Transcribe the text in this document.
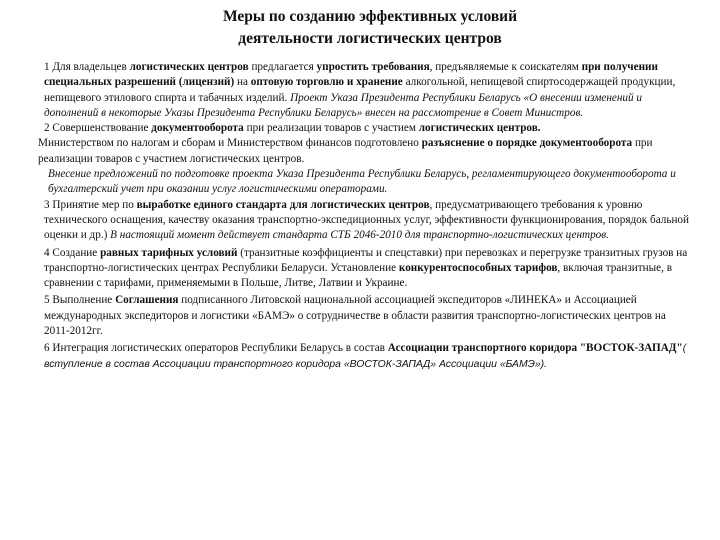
Меры по созданию эффективных условий
деятельности логистических центров

1 Для владельцев логистических центров предлагается упростить требования, предъявляемые к соискателям при получении специальных разрешений (лицензий) на оптовую торговлю и хранение алкогольной, непищевой спиртосодержащей продукции, непищевого этилового спирта и табачных изделий. Проект Указа Президента Республики Беларусь «О внесении изменений и дополнений в некоторые Указы Президента Республики Беларусь» внесен на рассмотрение в Совет Министров.

2 Совершенствование документооборота при реализации товаров с участием логистических центров.

Министерством по налогам и сборам и Министерством финансов подготовлено разъяснение о порядке документооборота при реализации товаров с участием логистических центров.

Внесение предложений по подготовке проекта Указа Президента Республики Беларусь, регламентирующего документооборота и бухгалтерский учет при оказании услуг логистическими операторами.

3 Принятие мер по выработке единого стандарта для логистических центров, предусматривающего требования к уровню технического оснащения, качеству оказания транспортно-экспедиционных услуг, эффективности функционирования, порядок бальной оценки и др.) В настоящий момент действует стандарта СТБ 2046-2010 для транспортно-логистических центров.

4 Создание равных тарифных условий (транзитные коэффициенты и спецставки) при перевозках и перегрузке транзитных грузов на транспортно-логистических центрах Республики Беларуси. Установление конкурентоспособных тарифов, включая транзитные, в сравнении с тарифами, применяемыми в Польше, Литве, Латвии и Украине.

5 Выполнение Соглашения подписанного Литовской национальной ассоциацией экспедиторов «ЛИНЕКА» и Ассоциацией международных экспедиторов и логистики «БАМЭ» о сотрудничестве в области развития транспортно-логистических центров на 2011-2012гг.

6 Интеграция логистических операторов Республики Беларусь в состав Ассоциации транспортного коридора "ВОСТОК-ЗАПАД"( вступление в состав Ассоциации транспортного коридора «ВОСТОК-ЗАПАД» Ассоциации «БАМЭ»).
